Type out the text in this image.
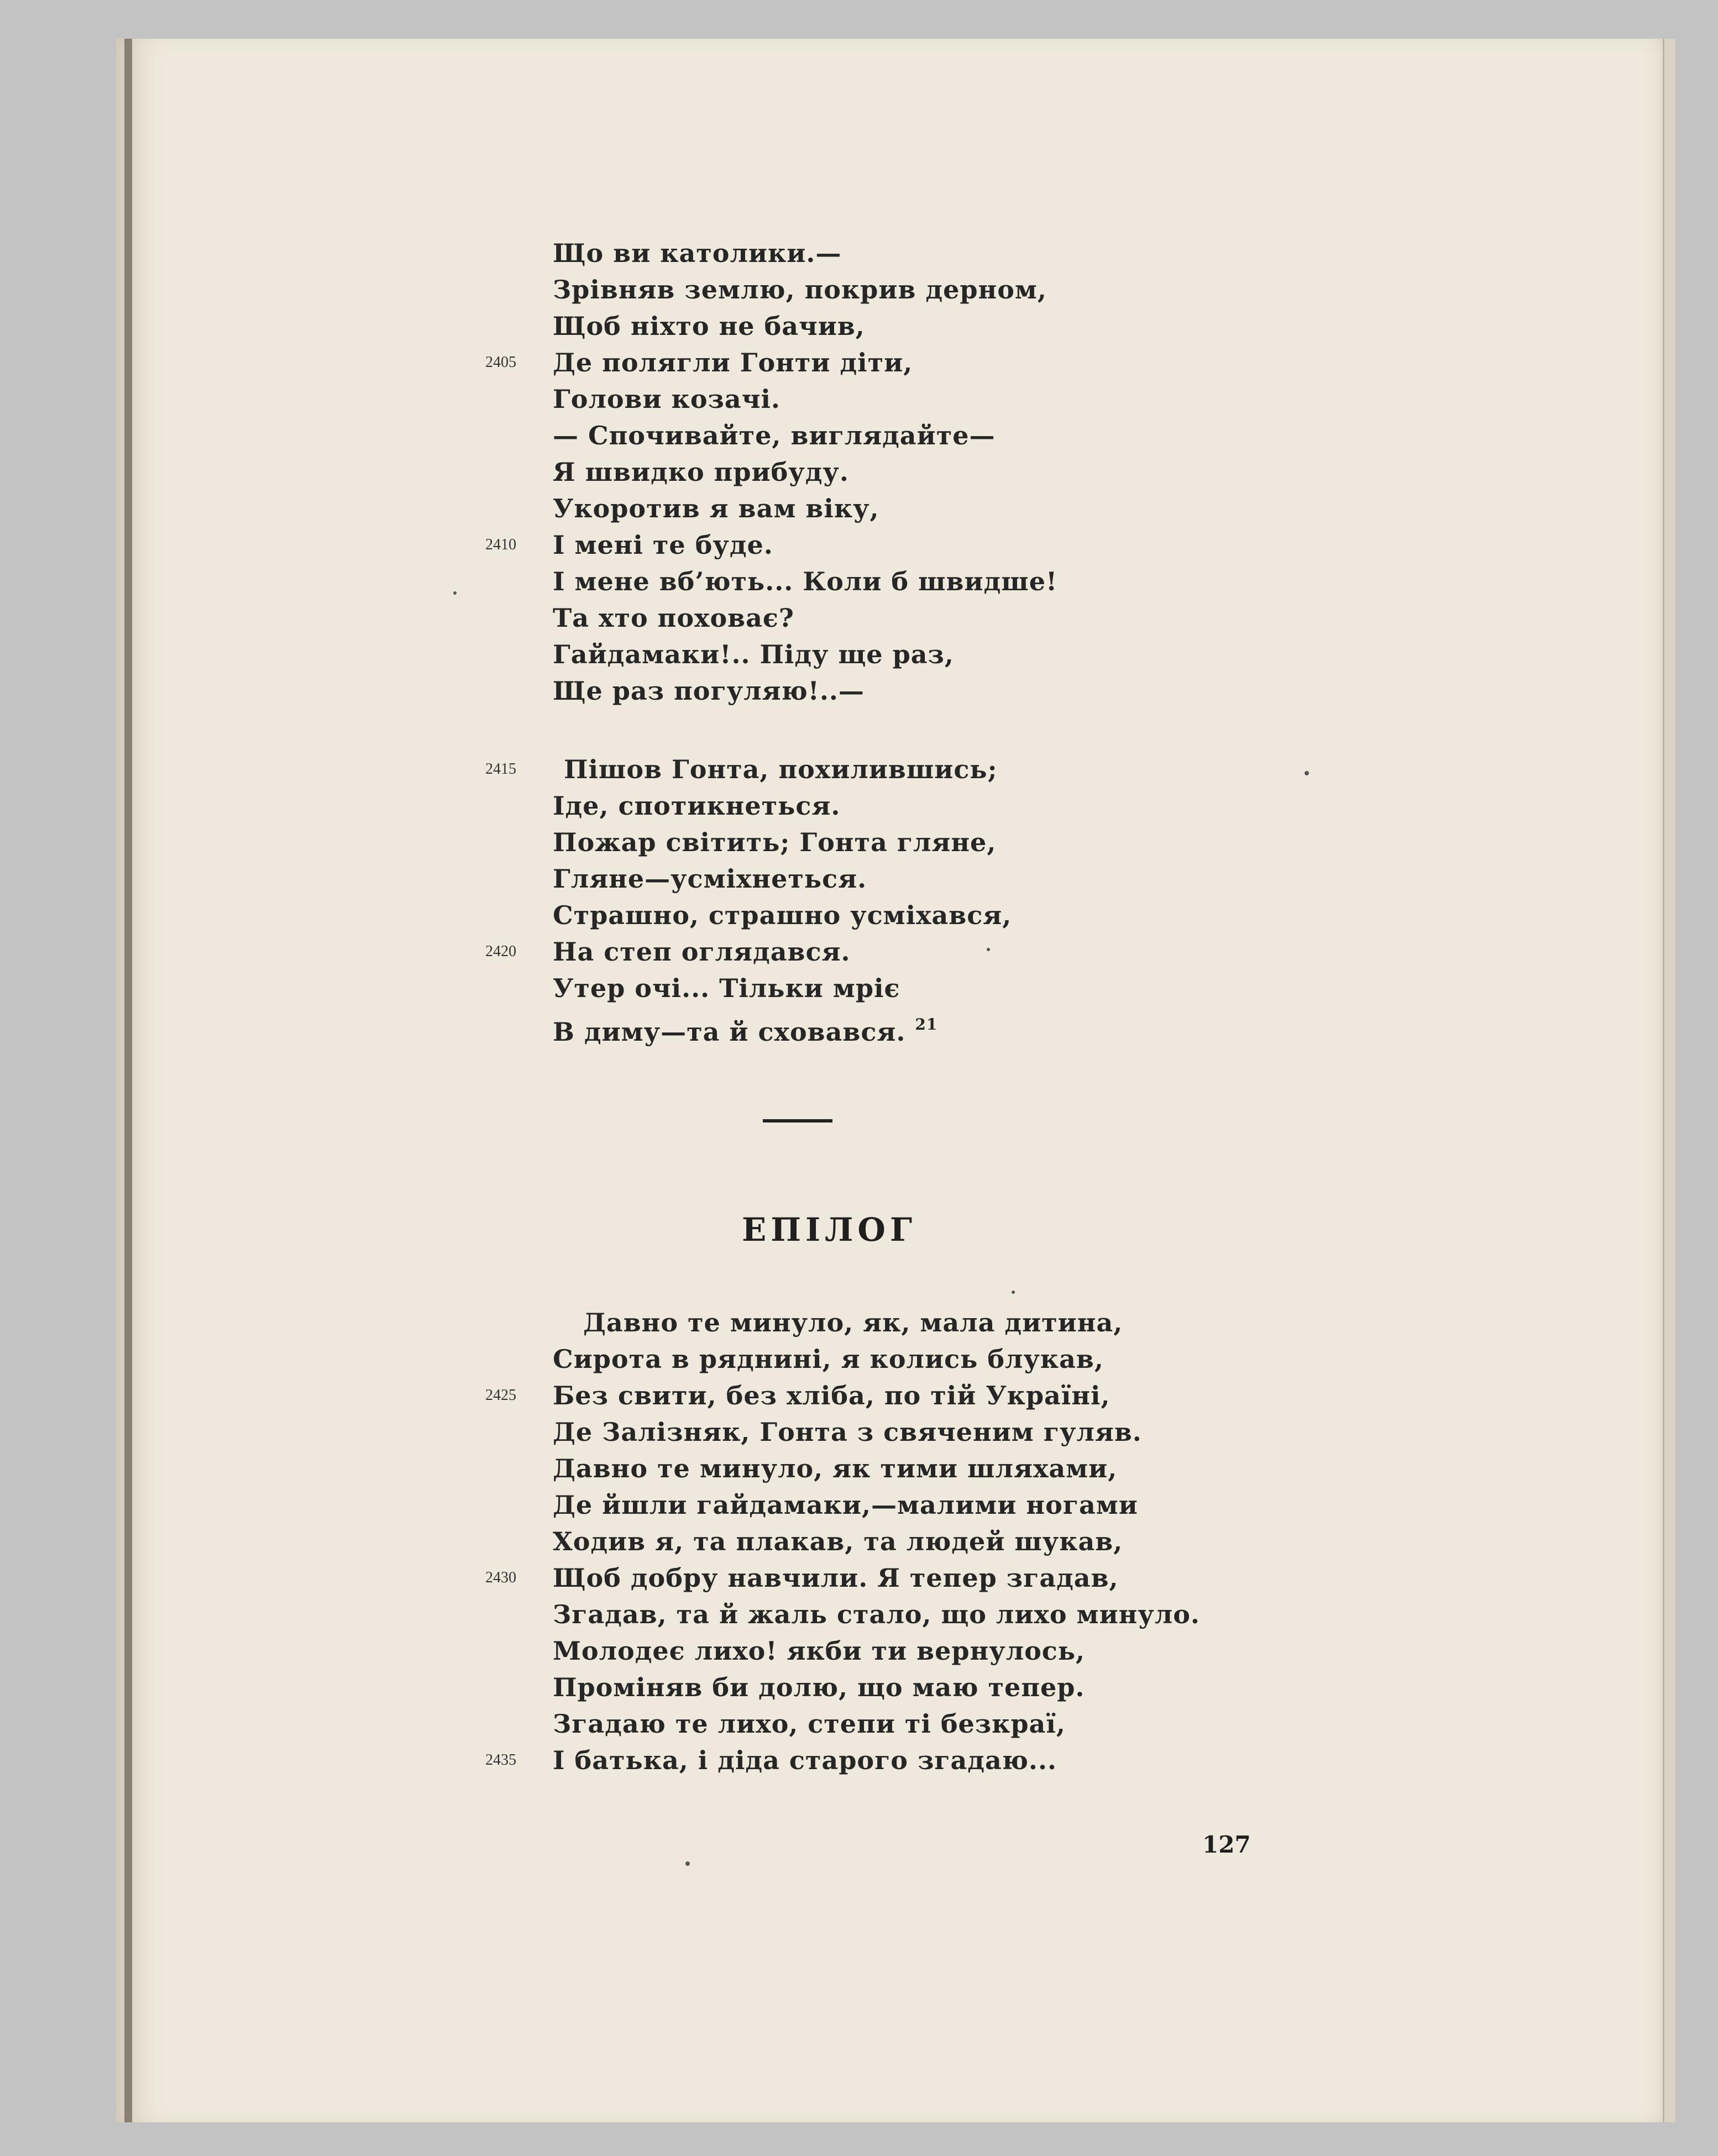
Що ви католики.—
Зрівняв землю, покрив дерном,
Щоб ніхто не бачив,
Де полягли Гонти діти,
Голови козачі.
— Спочивайте, виглядайте—
Я швидко прибуду.
Укоротив я вам віку,
І мені те буде.
І мене вб’ють... Коли б швидше!
Та хто поховає?
Гайдамаки!.. Піду ще раз,
Ще раз погуляю!..—
2405
2410
Пішов Гонта, похилившись;
Іде, спотикнеться.
Пожар світить; Гонта гляне,
Гляне—усміхнеться.
Страшно, страшно усміхався,
На степ оглядався.
Утер очі... Тільки мріє
В диму—та й сховався. $^{21}$
2415
2420
ЕПІЛОГ
Давно те минуло, як, мала дитина,
Сирота в ряднині, я колись блукав,
Без свити, без хліба, по тій Україні,
Де Залізняк, Гонта з свяченим гуляв.
Давно те минуло, як тими шляхами,
Де йшли гайдамаки,—малими ногами
Ходив я, та плакав, та людей шукав,
Щоб добру навчили. Я тепер згадав,
Згадав, та й жаль стало, що лихо минуло.
Молодеє лихо! якби ти вернулось,
Проміняв би долю, що маю тепер.
Згадаю те лихо, степи ті безкраї,
І батька, і діда старого згадаю...
2425
2430
2435
127
